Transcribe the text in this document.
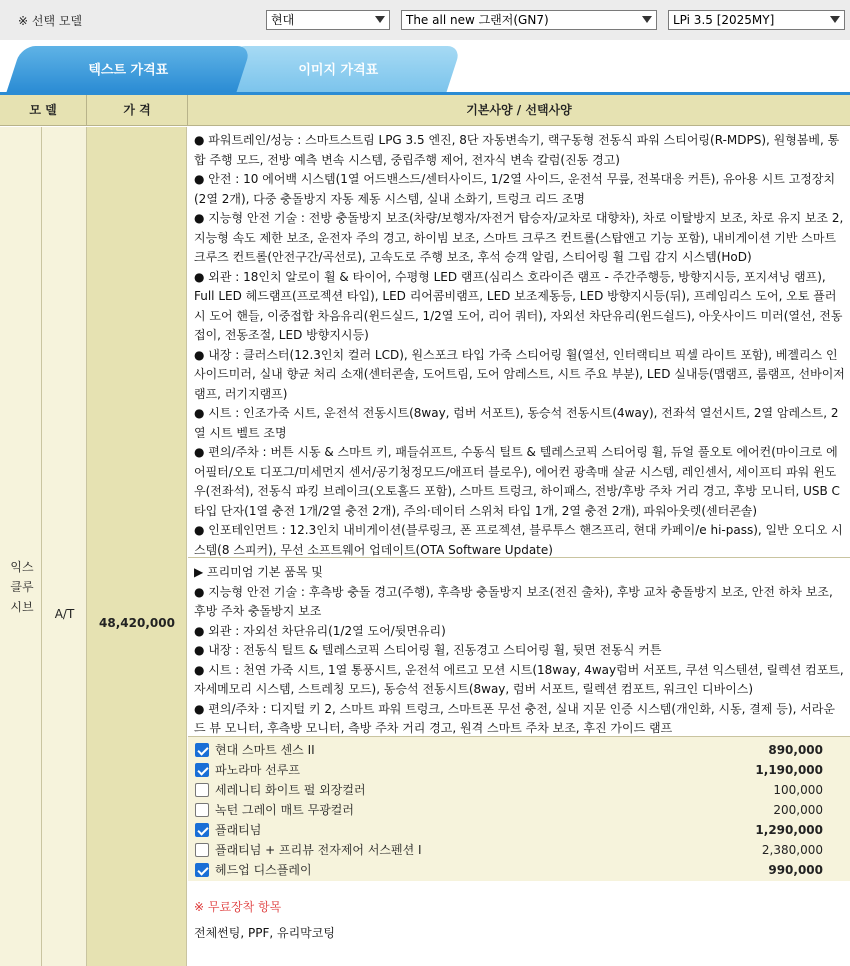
※ 선택 모델	현대	The all new 그랜저(GN7)	LPi 3.5 [2025MY]
텍스트 가격표	이미지 가격표
모 델	가 격	기본사양 / 선택사양
익스 클루 시브	A/T
48,420,000

● 파워트레인/성능 : 스마트스트림 LPG 3.5 엔진, 8단 자동변속기, 랙구동형 전동식 파워 스티어링(R-MDPS), 원형봄베, 통합 주행 모드, 전방 예측 변속 시스템, 중립주행 제어, 전자식 변속 칼럼(진동 경고)

● 안전 : 10 에어백 시스템(1열 어드밴스드/센터사이드, 1/2열 사이드, 운전석 무릎, 전복대응 커튼), 유아용 시트 고정장치(2열 2개), 다중 충돌방지 자동 제동 시스템, 실내 소화기, 트렁크 리드 조명

● 지능형 안전 기술 : 전방 충돌방지 보조(차량/보행자/자전거 탑승자/교차로 대향차), 차로 이탈방지 보조, 차로 유지 보조 2, 지능형 속도 제한 보조, 운전자 주의 경고, 하이빔 보조, 스마트 크루즈 컨트롤(스탑앤고 기능 포함), 내비게이션 기반 스마트 크루즈 컨트롤(안전구간/곡선로), 고속도로 주행 보조, 후석 승객 알림, 스티어링 휠 그립 감지 시스템(HoD)

● 외관 : 18인치 알로이 휠 & 타이어, 수평형 LED 램프(심리스 호라이즌 램프 - 주간주행등, 방향지시등, 포지셔닝 램프), Full LED 헤드램프(프로젝션 타입), LED 리어콤비램프, LED 보조제동등, LED 방향지시등(뒤), 프레임리스 도어, 오토 플러시 도어 핸들, 이중접합 차음유리(윈드실드, 1/2열 도어, 리어 쿼터), 자외선 차단유리(윈드쉴드), 아웃사이드 미러(열선, 전동접이, 전동조절, LED 방향지시등)

● 내장 : 클러스터(12.3인치 컬러 LCD), 원스포크 타입 가죽 스티어링 휠(열선, 인터랙티브 픽셀 라이트 포함), 베젤리스 인사이드미러, 실내 향균 처리 소재(센터콘솔, 도어트림, 도어 암레스트, 시트 주요 부분), LED 실내등(맵램프, 룸램프, 선바이저램프, 러기지램프)

● 시트 : 인조가죽 시트, 운전석 전동시트(8way, 럼버 서포트), 동승석 전동시트(4way), 전좌석 열선시트, 2열 암레스트, 2열 시트 벨트 조명

● 편의/주차 : 버튼 시동 & 스마트 키, 패들쉬프트, 수동식 틸트 & 텔레스코픽 스티어링 휠, 듀얼 풀오토 에어컨(마이크로 에어필터/오토 디포그/미세먼지 센서/공기청정모드/애프터 블로우), 에어컨 광촉매 살균 시스템, 레인센서, 세이프티 파워 윈도우(전좌석), 전동식 파킹 브레이크(오토홀드 포함), 스마트 트렁크, 하이패스, 전방/후방 주차 거리 경고, 후방 모니터, USB C타입 단자(1열 충전 1개/2열 충전 2개), 주의·데이터 스위처 타입 1개, 2열 충전 2개), 파워아웃렛(센터콘솔)

● 인포테인먼트 : 12.3인치 내비게이션(블루링크, 폰 프로젝션, 블루투스 핸즈프리, 현대 카페이/e hi-pass), 일반 오디오 시스템(8 스피커), 무선 소프트웨어 업데이트(OTA Software Update)

▶ 프리미엄 기본 품목 및

● 지능형 안전 기술 : 후측방 충돌 경고(주행), 후측방 충돌방지 보조(전진 출차), 후방 교차 충돌방지 보조, 안전 하차 보조, 후방 주차 충돌방지 보조

● 외관 : 자외선 차단유리(1/2열 도어/뒷면유리)

● 내장 : 전동식 틸트 & 텔레스코픽 스티어링 휠, 진동경고 스티어링 휠, 뒷면 전동식 커튼

● 시트 : 천연 가죽 시트, 1열 통풍시트, 운전석 에르고 모션 시트(18way, 4way럼버 서포트, 쿠션 익스텐션, 릴렉션 컴포트, 자세메모리 시스템, 스트레칭 모드), 동승석 전동시트(8way, 럼버 서포트, 릴렉션 컴포트, 워크인 디바이스)

● 편의/주차 : 디지털 키 2, 스마트 파워 트렁크, 스마트폰 무선 충전, 실내 지문 인증 시스템(개인화, 시동, 결제 등), 서라운드 뷰 모니터, 후측방 모니터, 측방 주차 거리 경고, 원격 스마트 주차 보조, 후진 가이드 램프

현대 스마트 센스 II	890,000
파노라마 선루프	1,190,000
세레니티 화이트 펄 외장컬러	100,000
녹턴 그레이 매트 무광컬러	200,000
플래티넘	1,290,000
플래티넘 + 프리뷰 전자제어 서스펜션 I	2,380,000
헤드업 디스플레이	990,000
※ 무료장착 항목
전체썬팅, PPF, 유리막코팅
